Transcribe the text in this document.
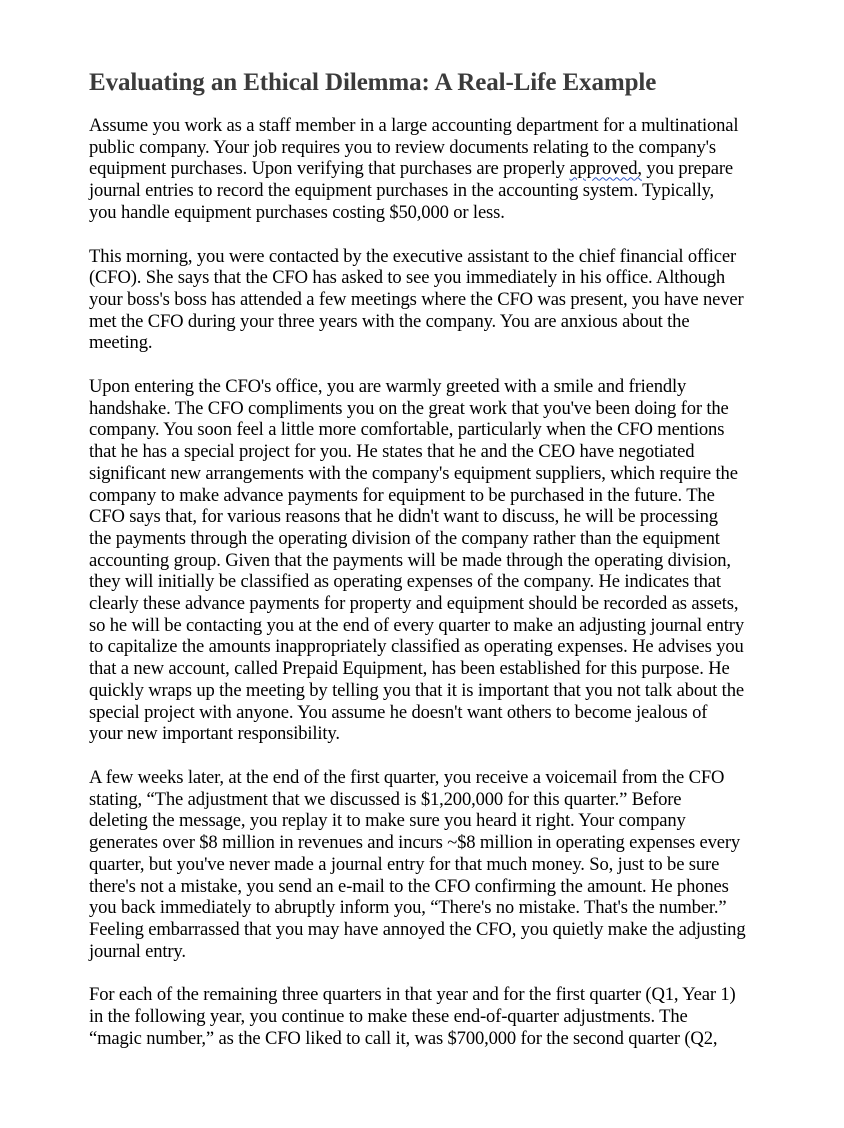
Evaluating an Ethical Dilemma: A Real-Life Example

Assume you work as a staff member in a large accounting department for a multinational
public company. Your job requires you to review documents relating to the company's
equipment purchases. Upon verifying that purchases are properly approved, you prepare
journal entries to record the equipment purchases in the accounting system. Typically,
you handle equipment purchases costing $50,000 or less.

This morning, you were contacted by the executive assistant to the chief financial officer
(CFO). She says that the CFO has asked to see you immediately in his office. Although
your boss's boss has attended a few meetings where the CFO was present, you have never
met the CFO during your three years with the company. You are anxious about the
meeting.

Upon entering the CFO's office, you are warmly greeted with a smile and friendly
handshake. The CFO compliments you on the great work that you've been doing for the
company. You soon feel a little more comfortable, particularly when the CFO mentions
that he has a special project for you. He states that he and the CEO have negotiated
significant new arrangements with the company's equipment suppliers, which require the
company to make advance payments for equipment to be purchased in the future. The
CFO says that, for various reasons that he didn't want to discuss, he will be processing
the payments through the operating division of the company rather than the equipment
accounting group. Given that the payments will be made through the operating division,
they will initially be classified as operating expenses of the company. He indicates that
clearly these advance payments for property and equipment should be recorded as assets,
so he will be contacting you at the end of every quarter to make an adjusting journal entry
to capitalize the amounts inappropriately classified as operating expenses. He advises you
that a new account, called Prepaid Equipment, has been established for this purpose. He
quickly wraps up the meeting by telling you that it is important that you not talk about the
special project with anyone. You assume he doesn't want others to become jealous of
your new important responsibility.

A few weeks later, at the end of the first quarter, you receive a voicemail from the CFO
stating, “The adjustment that we discussed is $1,200,000 for this quarter.” Before
deleting the message, you replay it to make sure you heard it right. Your company
generates over $8 million in revenues and incurs ~$8 million in operating expenses every
quarter, but you've never made a journal entry for that much money. So, just to be sure
there's not a mistake, you send an e-mail to the CFO confirming the amount. He phones
you back immediately to abruptly inform you, “There's no mistake. That's the number.”
Feeling embarrassed that you may have annoyed the CFO, you quietly make the adjusting
journal entry.

For each of the remaining three quarters in that year and for the first quarter (Q1, Year 1)
in the following year, you continue to make these end-of-quarter adjustments. The
“magic number,” as the CFO liked to call it, was $700,000 for the second quarter (Q2,
